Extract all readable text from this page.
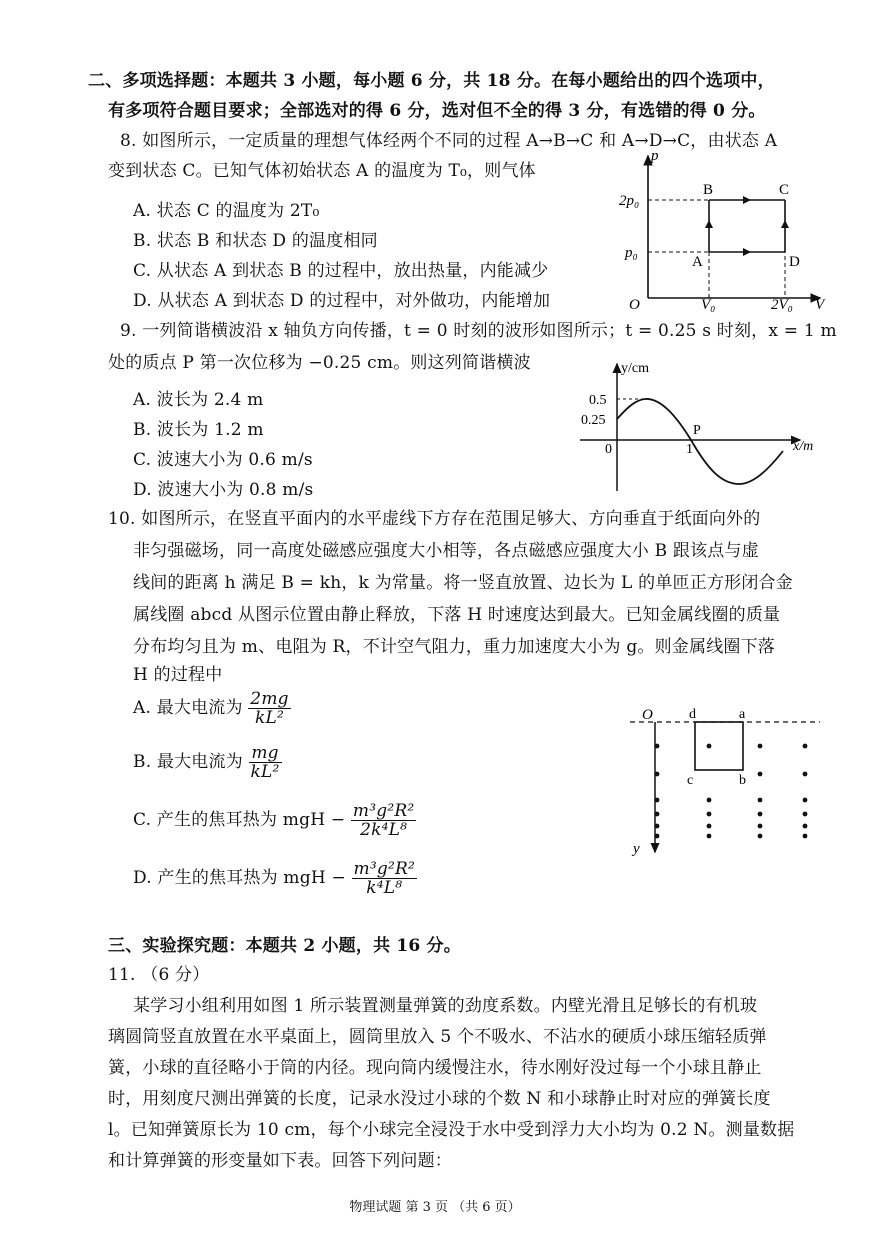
二、多项选择题：本题共 3 小题，每小题 6 分，共 18 分。在每小题给出的四个选项中，
有多项符合题目要求；全部选对的得 6 分，选对但不全的得 3 分，有选错的得 0 分。
8. 如图所示，一定质量的理想气体经两个不同的过程 A→B→C 和 A→D→C，由状态 A
变到状态 C。已知气体初始状态 A 的温度为 T₀，则气体
A. 状态 C 的温度为 2T₀
B. 状态 B 和状态 D 的温度相同
C. 从状态 A 到状态 B 的过程中，放出热量，内能减少
D. 从状态 A 到状态 D 的过程中，对外做功，内能增加
p
V
O
2p₀
p₀
V₀	2V₀
A
B	C
D
9. 一列简谐横波沿 x 轴负方向传播，t = 0 时刻的波形如图所示；t = 0.25 s 时刻，x = 1 m
处的质点 P 第一次位移为 −0.25 cm。则这列简谐横波
A. 波长为 2.4 m
B. 波长为 1.2 m
C. 波速大小为 0.6 m/s
D. 波速大小为 0.8 m/s
y/cm
x/m
0.5
0.25
0	1
P
10. 如图所示，在竖直平面内的水平虚线下方存在范围足够大、方向垂直于纸面向外的
非匀强磁场，同一高度处磁感应强度大小相等，各点磁感应强度大小 B 跟该点与虚
线间的距离 h 满足 B = kh，k 为常量。将一竖直放置、边长为 L 的单匝正方形闭合金
属线圈 abcd 从图示位置由静止释放，下落 H 时速度达到最大。已知金属线圈的质量
分布均匀且为 m、电阻为 R，不计空气阻力，重力加速度大小为 g。则金属线圈下落
H 的过程中
A. 最大电流为 $\frac{2mg}{\text{kL²}}$
B. 最大电流为 $\frac{mg}{\text{kL²}}$
C. 产生的焦耳热为 mgH − $\frac{\text{m³g²R²}}{\text{2k⁴L⁸}}$
D. 产生的焦耳热为 mgH − $\frac{\text{m³g²R²}}{\text{k⁴L⁸}}$
O
y
d	a
c	b
三、实验探究题：本题共 2 小题，共 16 分。
11. （6 分）
某学习小组利用如图 1 所示装置测量弹簧的劲度系数。内壁光滑且足够长的有机玻
璃圆筒竖直放置在水平桌面上，圆筒里放入 5 个不吸水、不沾水的硬质小球压缩轻质弹
簧，小球的直径略小于筒的内径。现向筒内缓慢注水，待水刚好没过每一个小球且静止
时，用刻度尺测出弹簧的长度，记录水没过小球的个数 N 和小球静止时对应的弹簧长度
l。已知弹簧原长为 10 cm，每个小球完全浸没于水中受到浮力大小均为 0.2 N。测量数据
和计算弹簧的形变量如下表。回答下列问题：
物理试题 第 3 页 （共 6 页）
